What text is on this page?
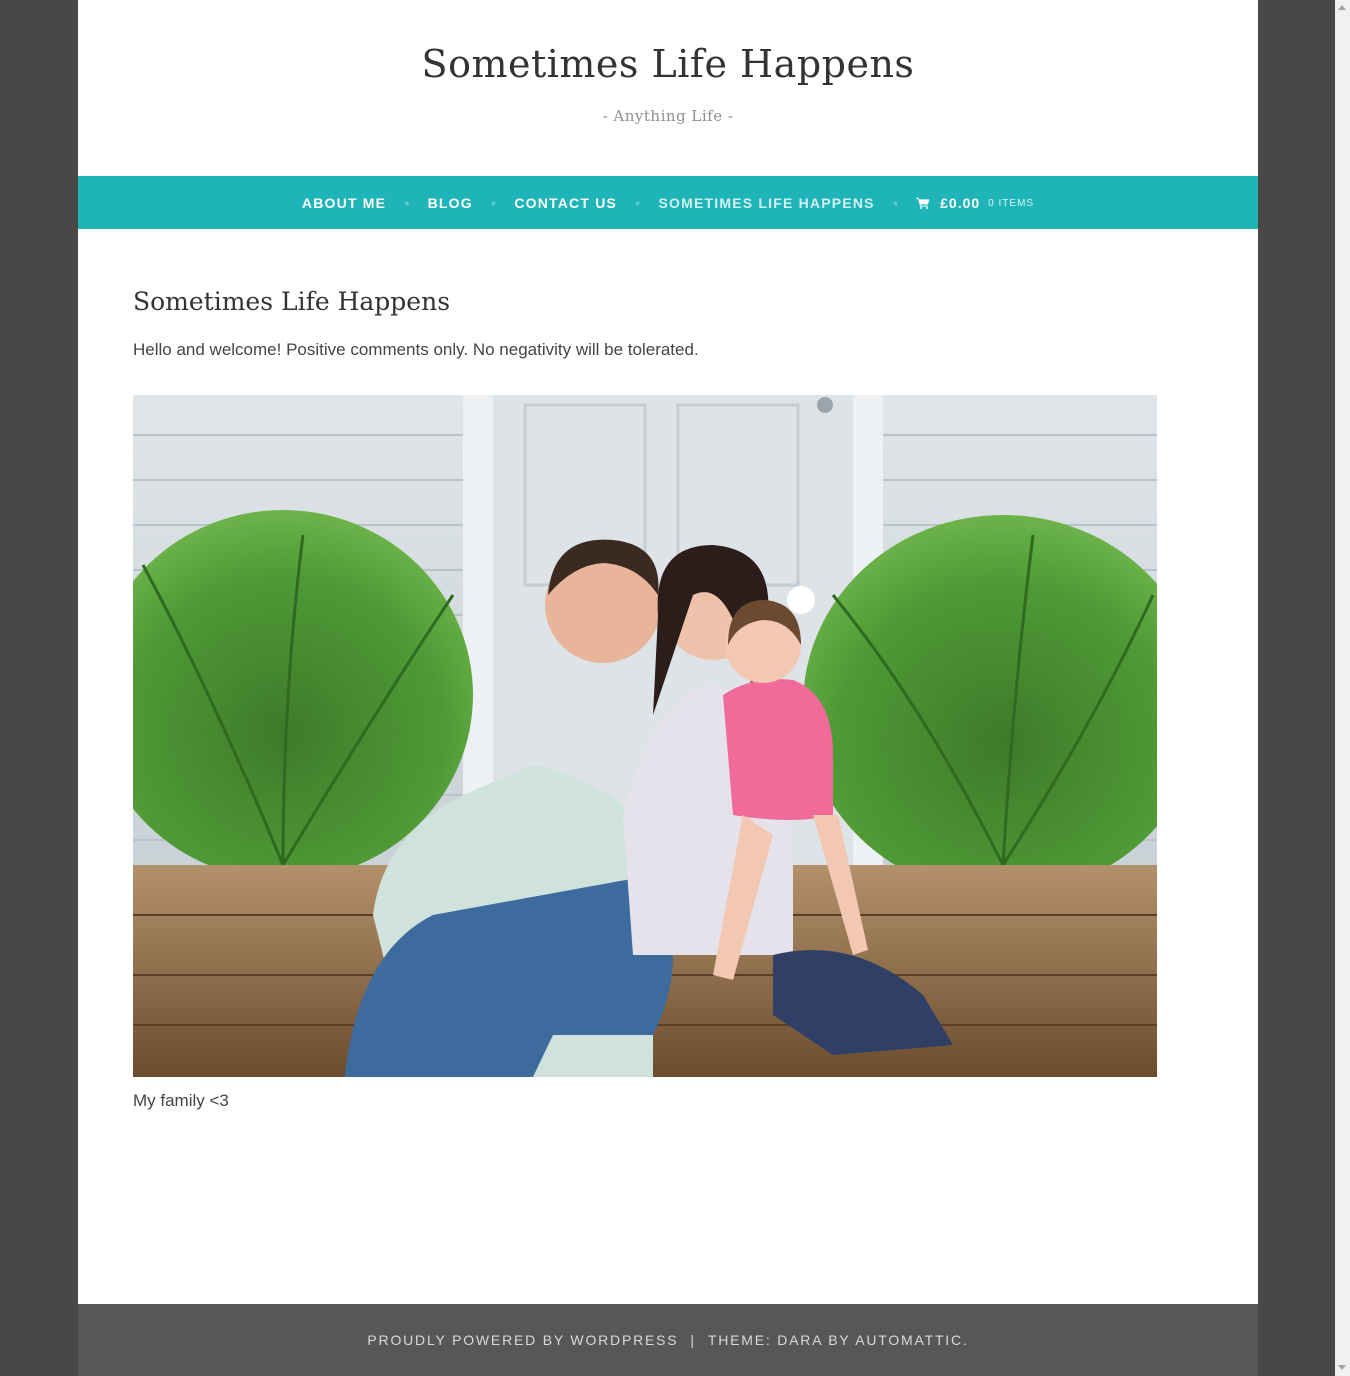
Sometimes Life Happens

- Anything Life -

ABOUT ME ● BLOG ● CONTACT US ● SOMETIMES LIFE HAPPENS ●	£0.00 0 ITEMS
Sometimes Life Happens

Hello and welcome! Positive comments only. No negativity will be tolerated.

My family <3

PROUDLY POWERED BY WORDPRESS | THEME: DARA BY AUTOMATTIC.
